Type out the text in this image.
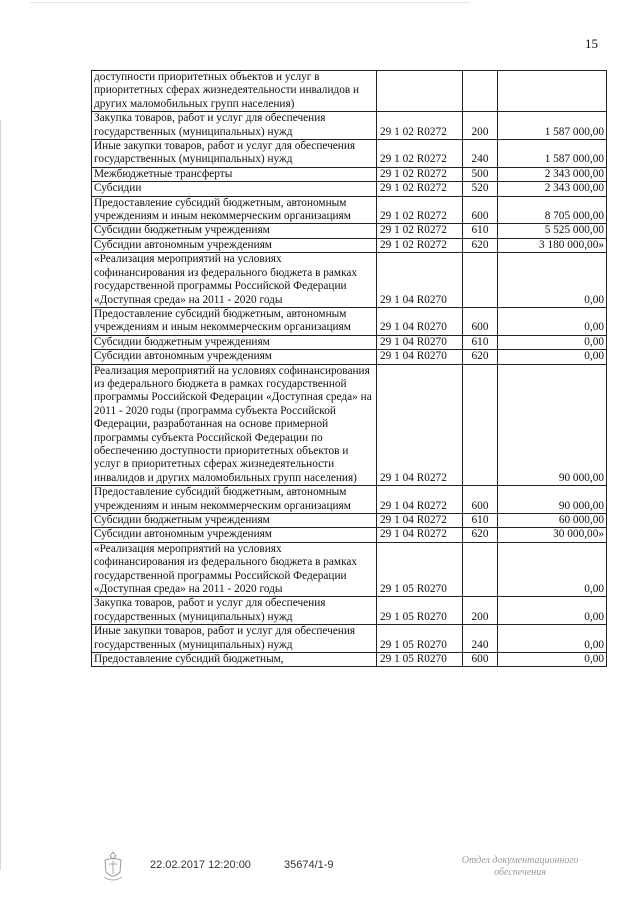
15
доступности приоритетных объектов и услуг в приоритетных сферах жизнедеятельности инвалидов и других маломобильных групп населения)			
Закупка товаров, работ и услуг для обеспечения государственных (муниципальных) нужд	29 1 02 R0272	200	1 587 000,00
Иные закупки товаров, работ и услуг для обеспечения государственных (муниципальных) нужд	29 1 02 R0272	240	1 587 000,00
Межбюджетные трансферты	29 1 02 R0272	500	2 343 000,00
Субсидии	29 1 02 R0272	520	2 343 000,00
Предоставление субсидий бюджетным, автономным учреждениям и иным некоммерческим организациям	29 1 02 R0272	600	8 705 000,00
Субсидии бюджетным учреждениям	29 1 02 R0272	610	5 525 000,00
Субсидии автономным учреждениям	29 1 02 R0272	620	3 180 000,00»
«Реализация мероприятий на условиях софинансирования из федерального бюджета в рамках государственной программы Российской Федерации «Доступная среда» на 2011 - 2020 годы	29 1 04 R0270		0,00
Предоставление субсидий бюджетным, автономным учреждениям и иным некоммерческим организациям	29 1 04 R0270	600	0,00
Субсидии бюджетным учреждениям	29 1 04 R0270	610	0,00
Субсидии автономным учреждениям	29 1 04 R0270	620	0,00
Реализация мероприятий на условиях софинансирования из федерального бюджета в рамках государственной программы Российской Федерации «Доступная среда» на 2011 - 2020 годы (программа субъекта Российской Федерации, разработанная на основе примерной программы субъекта Российской Федерации по обеспечению доступности приоритетных объектов и услуг в приоритетных сферах жизнедеятельности инвалидов и других маломобильных групп населения)	29 1 04 R0272		90 000,00
Предоставление субсидий бюджетным, автономным учреждениям и иным некоммерческим организациям	29 1 04 R0272	600	90 000,00
Субсидии бюджетным учреждениям	29 1 04 R0272	610	60 000,00
Субсидии автономным учреждениям	29 1 04 R0272	620	30 000,00»
«Реализация мероприятий на условиях софинансирования из федерального бюджета в рамках государственной программы Российской Федерации «Доступная среда» на 2011 - 2020 годы	29 1 05 R0270		0,00
Закупка товаров, работ и услуг для обеспечения государственных (муниципальных) нужд	29 1 05 R0270	200	0,00
Иные закупки товаров, работ и услуг для обеспечения государственных (муниципальных) нужд	29 1 05 R0270	240	0,00
Предоставление субсидий бюджетным,	29 1 05 R0270	600	0,00
22.02.2017 12:20:00	35674/1-9	Отдел документационного
обеспечения
